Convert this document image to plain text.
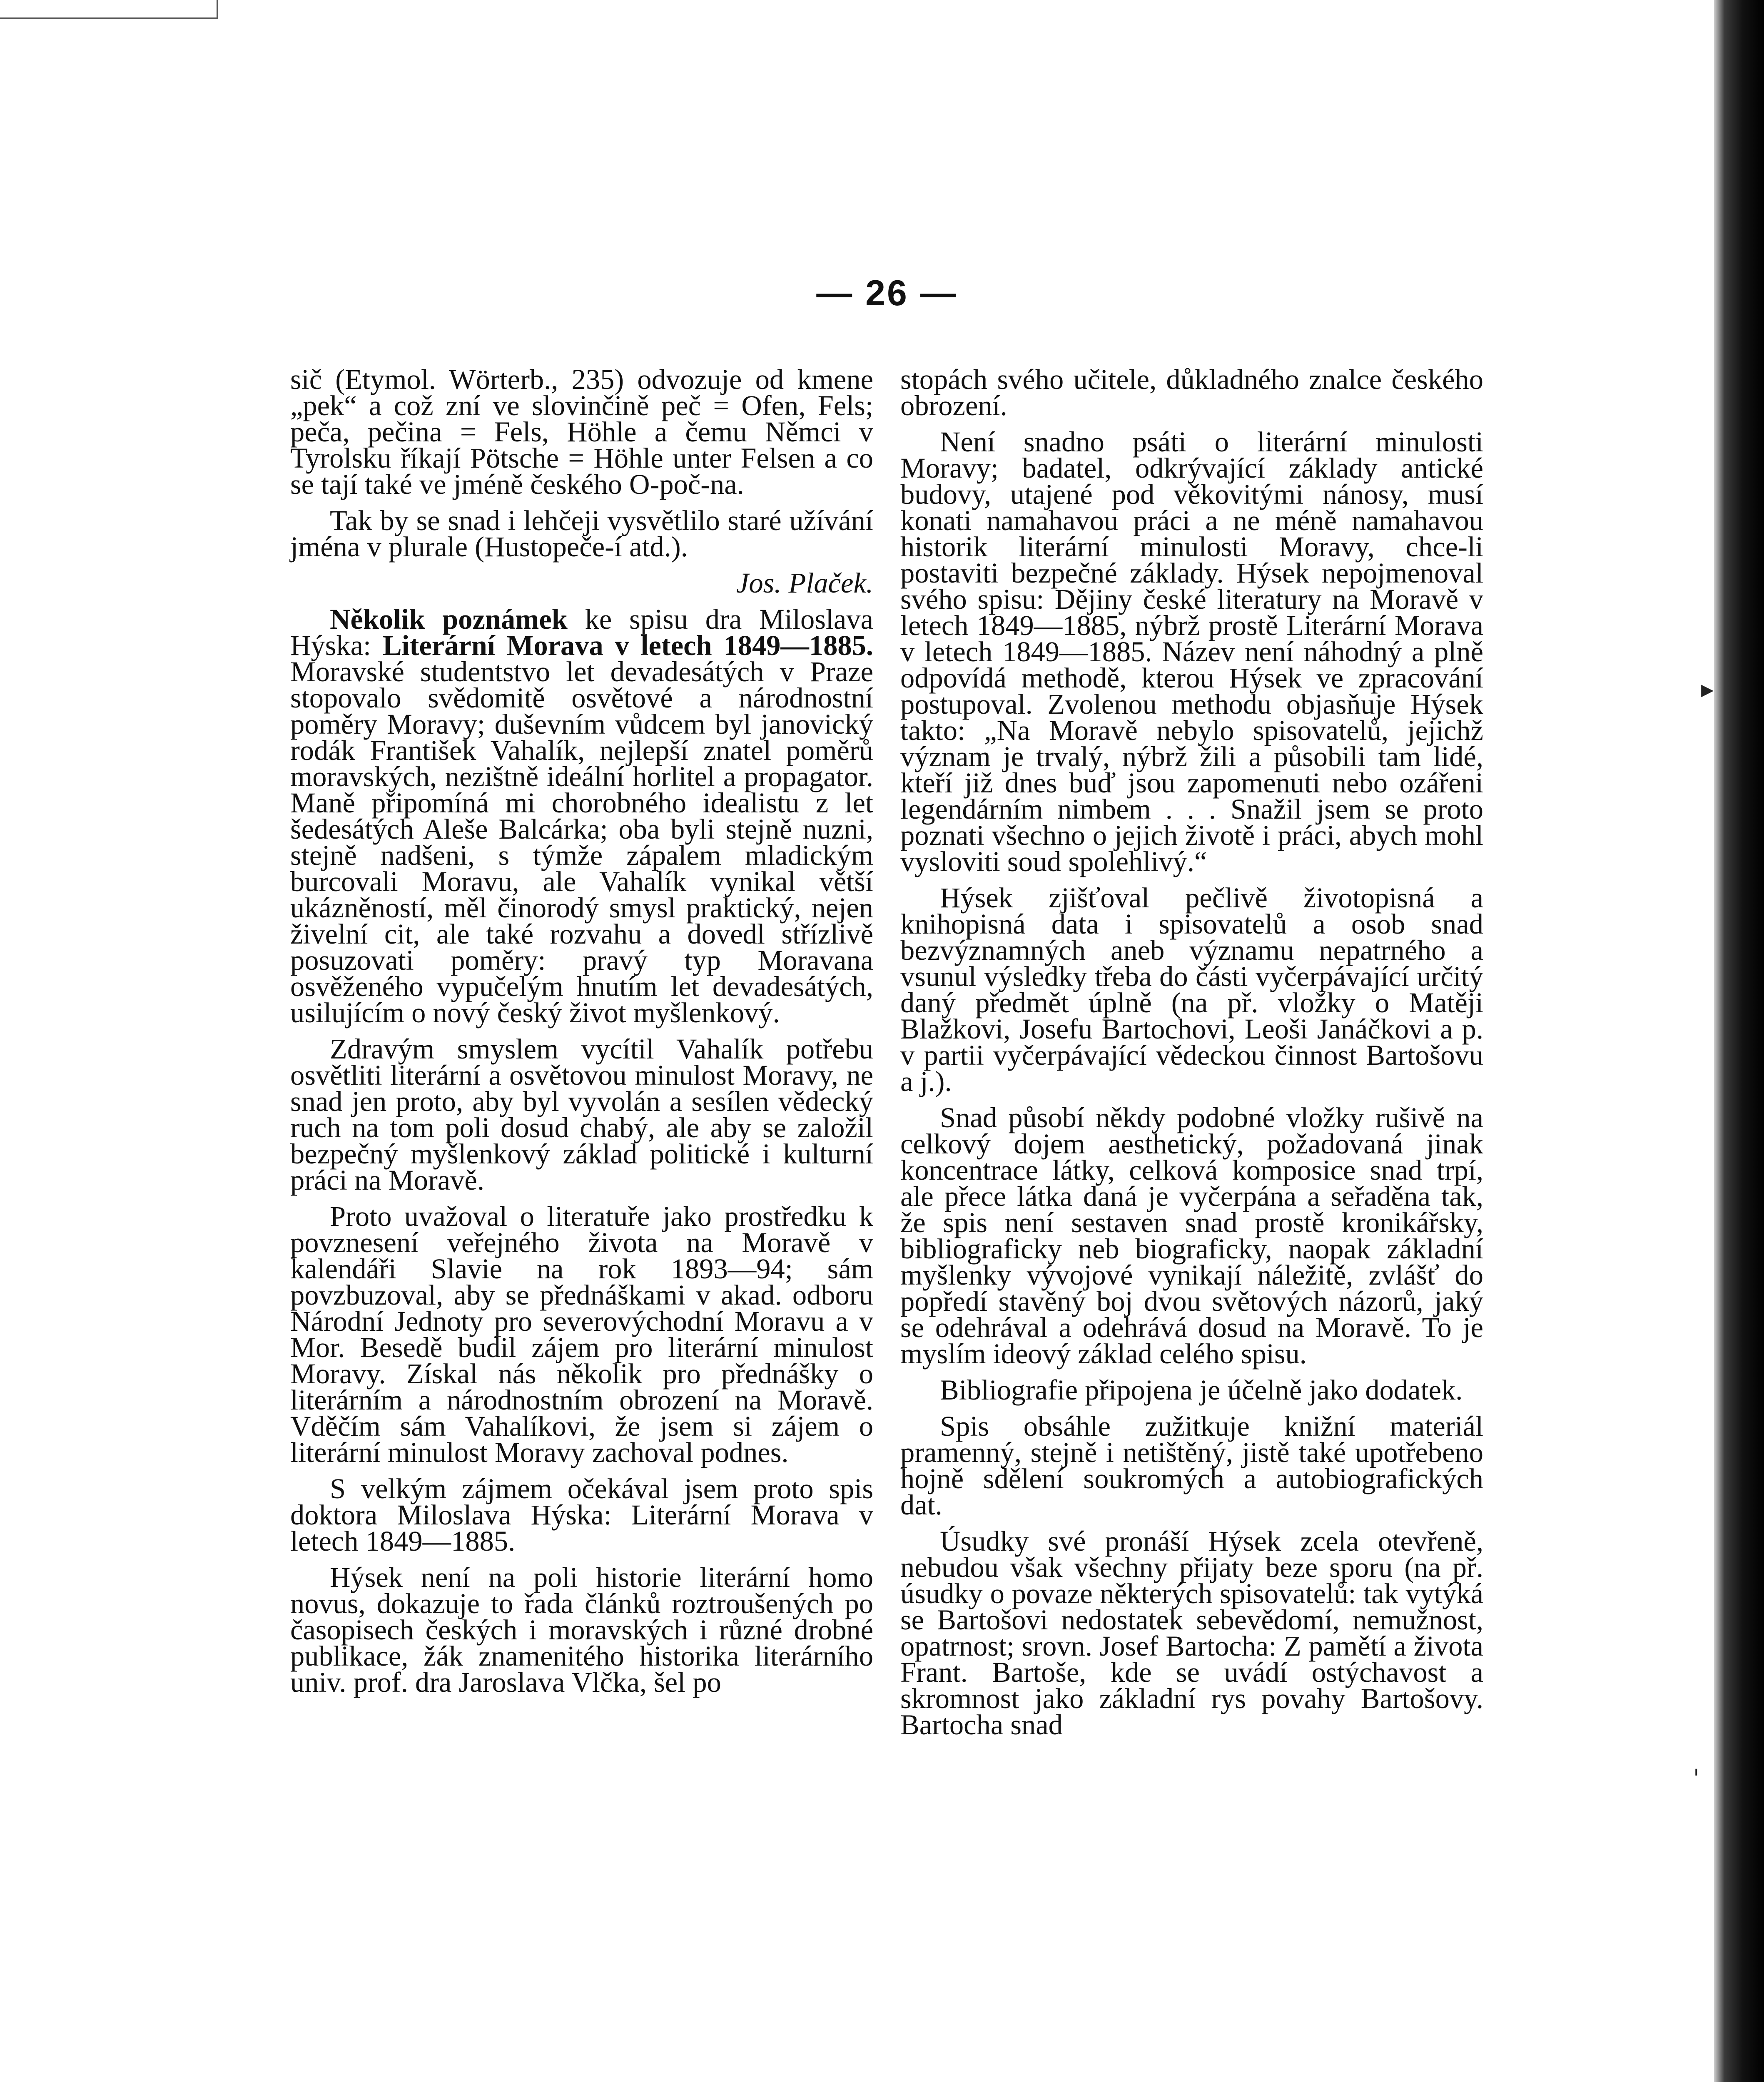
— 26 —

sič (Etymol. Wörterb., 235) odvozuje od kmene „pek“ a což zní ve slovinčině peč = Ofen, Fels; peča, pečina = Fels, Höhle a čemu Němci v Tyrolsku říkají Pötsche = Höhle unter Felsen a co se tají také ve jméně českého O-poč-na.

Tak by se snad i lehčeji vysvětlilo staré užívání jména v plurale (Hustopeče-í atd.).

Jos. Plaček.

Několik poznámek ke spisu dra Miloslava Hýska: Literární Morava v letech 1849—1885. Moravské studentstvo let devadesátých v Praze stopovalo svědomitě osvětové a národnostní poměry Moravy; duševním vůdcem byl janovický rodák František Vahalík, nejlepší znatel poměrů moravských, nezištně ideální horlitel a propagator. Maně připomíná mi chorobného idealistu z let šedesátých Aleše Balcárka; oba byli stejně nuzni, stejně nadšeni, s týmže zápalem mladickým burcovali Moravu, ale Vahalík vynikal větší ukázněností, měl činorodý smysl praktický, nejen živelní cit, ale také rozvahu a dovedl střízlivě posuzovati poměry: pravý typ Moravana osvěženého vypučelým hnutím let devadesátých, usilujícím o nový český život myšlenkový.

Zdravým smyslem vycítil Vahalík potřebu osvětliti literární a osvětovou minulost Moravy, ne snad jen proto, aby byl vyvolán a sesílen vědecký ruch na tom poli dosud chabý, ale aby se založil bezpečný myšlenkový základ politické i kulturní práci na Moravě.

Proto uvažoval o literatuře jako prostředku k povznesení veřejného života na Moravě v kalendáři Slavie na rok 1893—94; sám povzbuzoval, aby se přednáškami v akad. odboru Národní Jednoty pro severovýchodní Moravu a v Mor. Besedě budil zájem pro literární minulost Moravy. Získal nás několik pro přednášky o literárním a národnostním obrození na Moravě. Vděčím sám Vahalíkovi, že jsem si zájem o literární minulost Moravy zachoval podnes.

S velkým zájmem očekával jsem proto spis doktora Miloslava Hýska: Literární Morava v letech 1849—1885.

Hýsek není na poli historie literární homo novus, dokazuje to řada článků roztroušených po časopisech českých i moravských i různé drobné publikace, žák znamenitého historika literárního univ. prof. dra Jaroslava Vlčka, šel po

stopách svého učitele, důkladného znalce českého obrození.

Není snadno psáti o literární minulosti Moravy; badatel, odkrývající základy antické budovy, utajené pod věkovitými nánosy, musí konati namahavou práci a ne méně namahavou historik literární minulosti Moravy, chce-li postaviti bezpečné základy. Hýsek nepojmenoval svého spisu: Dějiny české literatury na Moravě v letech 1849—1885, nýbrž prostě Literární Morava v letech 1849—1885. Název není náhodný a plně odpovídá methodě, kterou Hýsek ve zpracování postupoval. Zvolenou methodu objasňuje Hýsek takto: „Na Moravě nebylo spisovatelů, jejichž význam je trvalý, nýbrž žili a působili tam lidé, kteří již dnes buď jsou zapomenuti nebo ozářeni legendárním nimbem . . . Snažil jsem se proto poznati všechno o jejich životě i práci, abych mohl vysloviti soud spolehlivý.“

Hýsek zjišťoval pečlivě životopisná a knihopisná data i spisovatelů a osob snad bezvýznamných aneb významu nepatrného a vsunul výsledky třeba do části vyčerpávající určitý daný předmět úplně (na př. vložky o Matěji Blažkovi, Josefu Bartochovi, Leoši Janáčkovi a p. v partii vyčerpávající vědeckou činnost Bartošovu a j.).

Snad působí někdy podobné vložky rušivě na celkový dojem aesthetický, požadovaná jinak koncentrace látky, celková komposice snad trpí, ale přece látka daná je vyčerpána a seřaděna tak, že spis není sestaven snad prostě kronikářsky, bibliograficky neb biograficky, naopak základní myšlenky vývojové vynikají náležitě, zvlášť do popředí stavěný boj dvou světových názorů, jaký se odehrával a odehrává dosud na Moravě. To je myslím ideový základ celého spisu.

Bibliografie připojena je účelně jako dodatek.

Spis obsáhle zužitkuje knižní materiál pramenný, stejně i netištěný, jistě také upotřebeno hojně sdělení soukromých a autobiografických dat.

Úsudky své pronáší Hýsek zcela otevřeně, nebudou však všechny přijaty beze sporu (na př. úsudky o povaze některých spisovatelů: tak vytýká se Bartošovi nedostatek sebevědomí, nemužnost, opatrnost; srovn. Josef Bartocha: Z pamětí a života Frant. Bartoše, kde se uvádí ostýchavost a skromnost jako základní rys povahy Bartošovy. Bartocha snad

▸
ˌ
